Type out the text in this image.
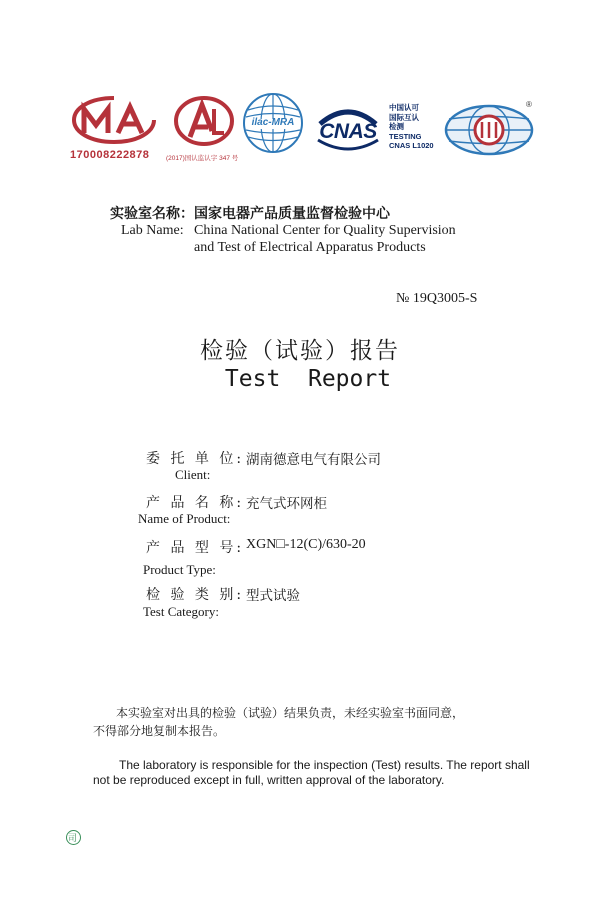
170008222878	(2017)国认监认字 347 号
ilac-MRA	CNAS
中国认可
国际互认
检测
TESTING
CNAS L1020
®
实验室名称：国家电器产品质量监督检验中心
Lab Name: China National Center for Quality Supervision
and Test of Electrical Apparatus Products
№ 19Q3005-S
检验（试验）报告
Test  Report
委 托 单 位: 湖南德意电气有限公司
Client:
产 品 名 称: 充气式环网柜
Name of Product:
产 品 型 号: XGN□-12(C)/630-20
Product Type:
检 验 类 别: 型式试验
Test Category:
本实验室对出具的检验（试验）结果负责，未经实验室书面同意，
不得部分地复制本报告。
The laboratory is responsible for the inspection (Test) results. The report shall
not be reproduced except in full, written approval of the laboratory.
司
